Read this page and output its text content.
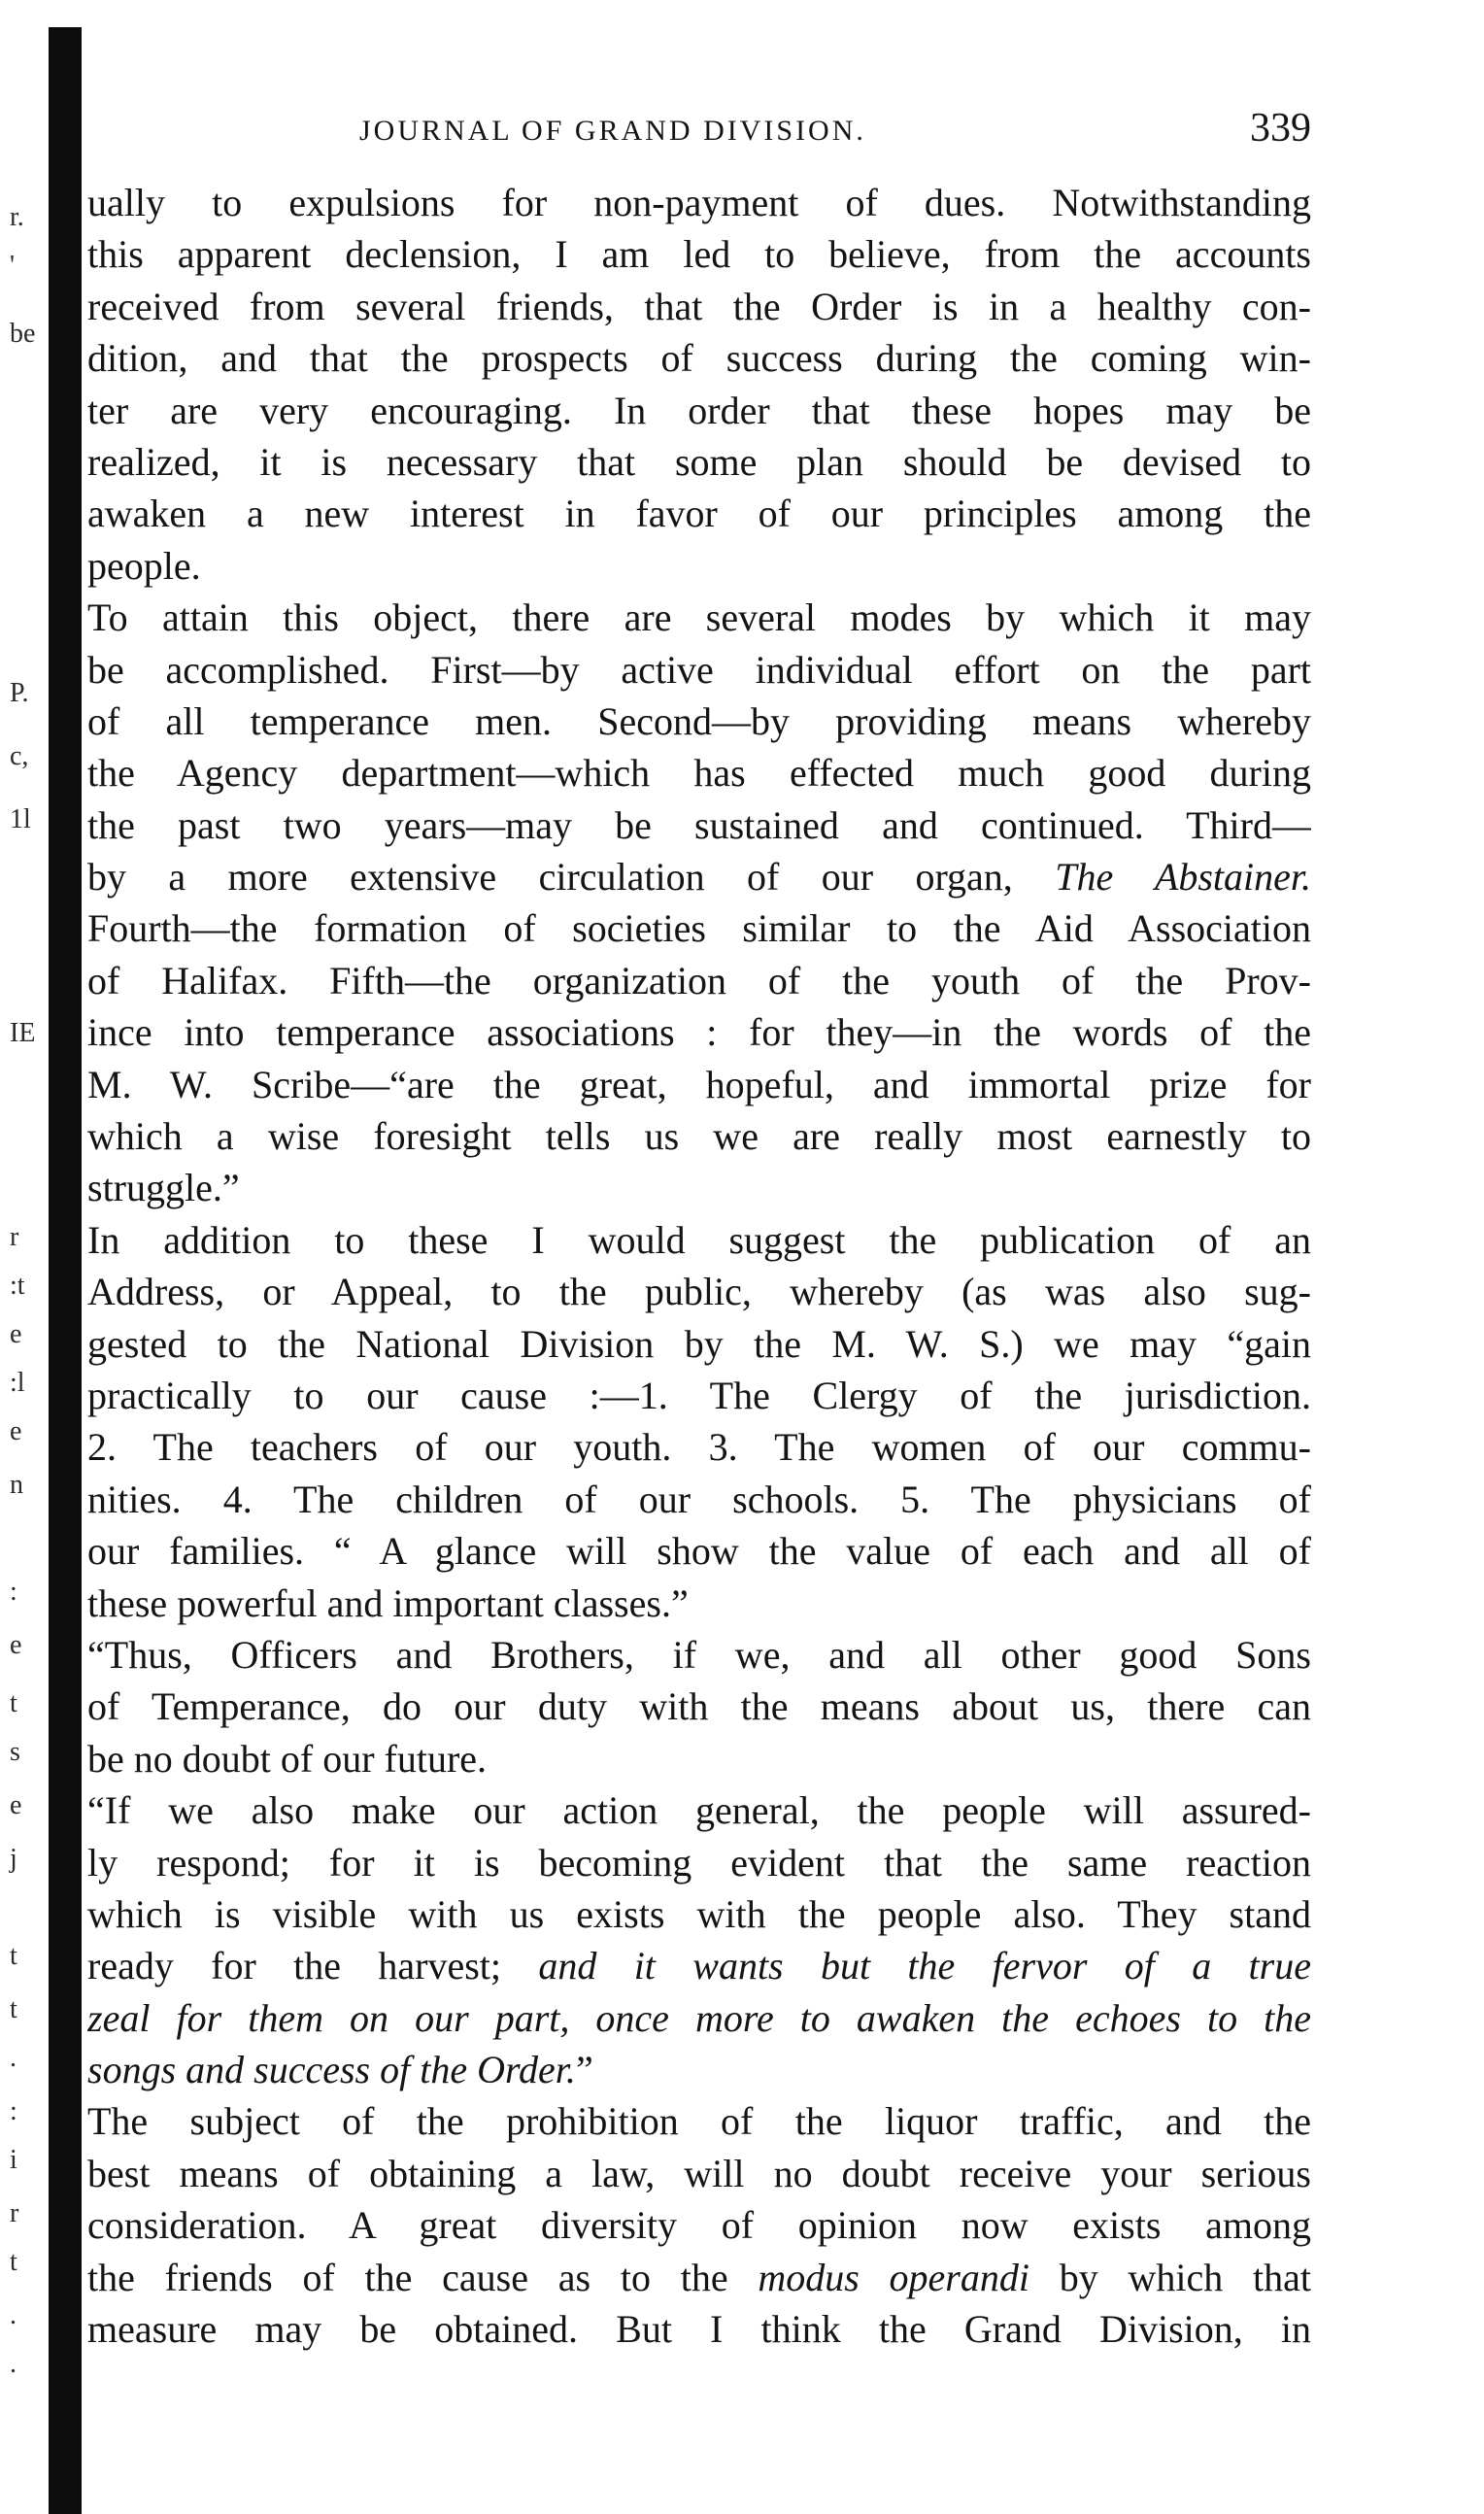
r.
'
be
P.
c,
1l
IE
r
:t
e
:l
e
n
:
e
t
s
e
j
t
t
.
:
i
r
t
.
.
JOURNAL OF GRAND DIVISION.	339
ually to expulsions for non-payment of dues. Notwithstanding
this apparent declension, I am led to believe, from the accounts
received from several friends, that the Order is in a healthy con-
dition, and that the prospects of success during the coming win-
ter are very encouraging. In order that these hopes may be
realized, it is necessary that some plan should be devised to
awaken a new interest in favor of our principles among the
people.
To attain this object, there are several modes by which it may
be accomplished. First—by active individual effort on the part
of all temperance men. Second—by providing means whereby
the Agency department—which has effected much good during
the past two years—may be sustained and continued. Third—
by a more extensive circulation of our organ, The Abstainer.
Fourth—the formation of societies similar to the Aid Association
of Halifax. Fifth—the organization of the youth of the Prov-
ince into temperance associations : for they—in the words of the
M. W. Scribe—“are the great, hopeful, and immortal prize for
which a wise foresight tells us we are really most earnestly to
struggle.”
In addition to these I would suggest the publication of an
Address, or Appeal, to the public, whereby (as was also sug-
gested to the National Division by the M. W. S.) we may “gain
practically to our cause :—1. The Clergy of the jurisdiction.
2. The teachers of our youth. 3. The women of our commu-
nities. 4. The children of our schools. 5. The physicians of
our families. “ A glance will show the value of each and all of
these powerful and important classes.”
“Thus, Officers and Brothers, if we, and all other good Sons
of Temperance, do our duty with the means about us, there can
be no doubt of our future.
“If we also make our action general, the people will assured-
ly respond; for it is becoming evident that the same reaction
which is visible with us exists with the people also. They stand
ready for the harvest; and it wants but the fervor of a true
zeal for them on our part, once more to awaken the echoes to the
songs and success of the Order.”
The subject of the prohibition of the liquor traffic, and the
best means of obtaining a law, will no doubt receive your serious
consideration. A great diversity of opinion now exists among
the friends of the cause as to the modus operandi by which that
measure may be obtained. But I think the Grand Division, in
